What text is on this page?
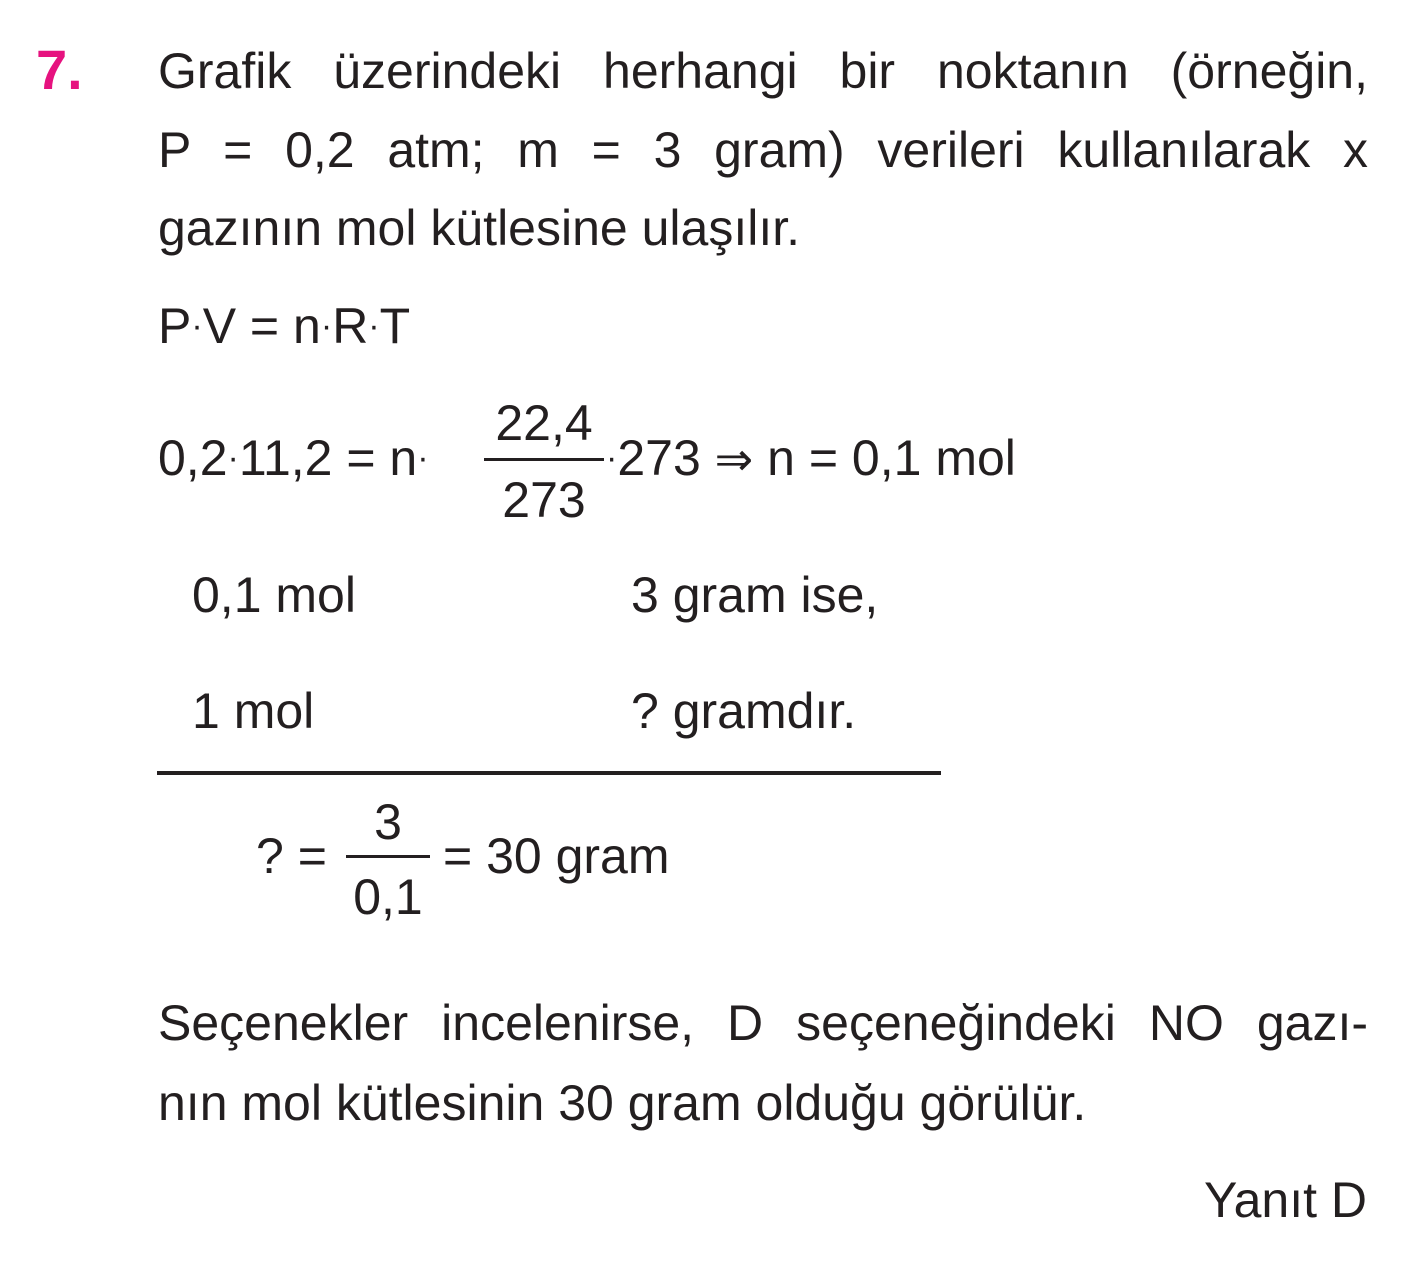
7. Grafik üzerindeki herhangi bir noktanın (örneğin,
P = 0,2 atm; m = 3 gram) verileri kullanılarak x
gazının mol kütlesine ulaşılır.
P·V = n·R·T
0,2·11,2 = n·
22,4
273
·273 ⇒ n = 0,1 mol
0,1 mol	3 gram ise,
1 mol	? gramdır.
? =
3
0,1
= 30 gram
Seçenekler incelenirse, D seçeneğindeki NO gazı-
nın mol kütlesinin 30 gram olduğu görülür.
Yanıt D
